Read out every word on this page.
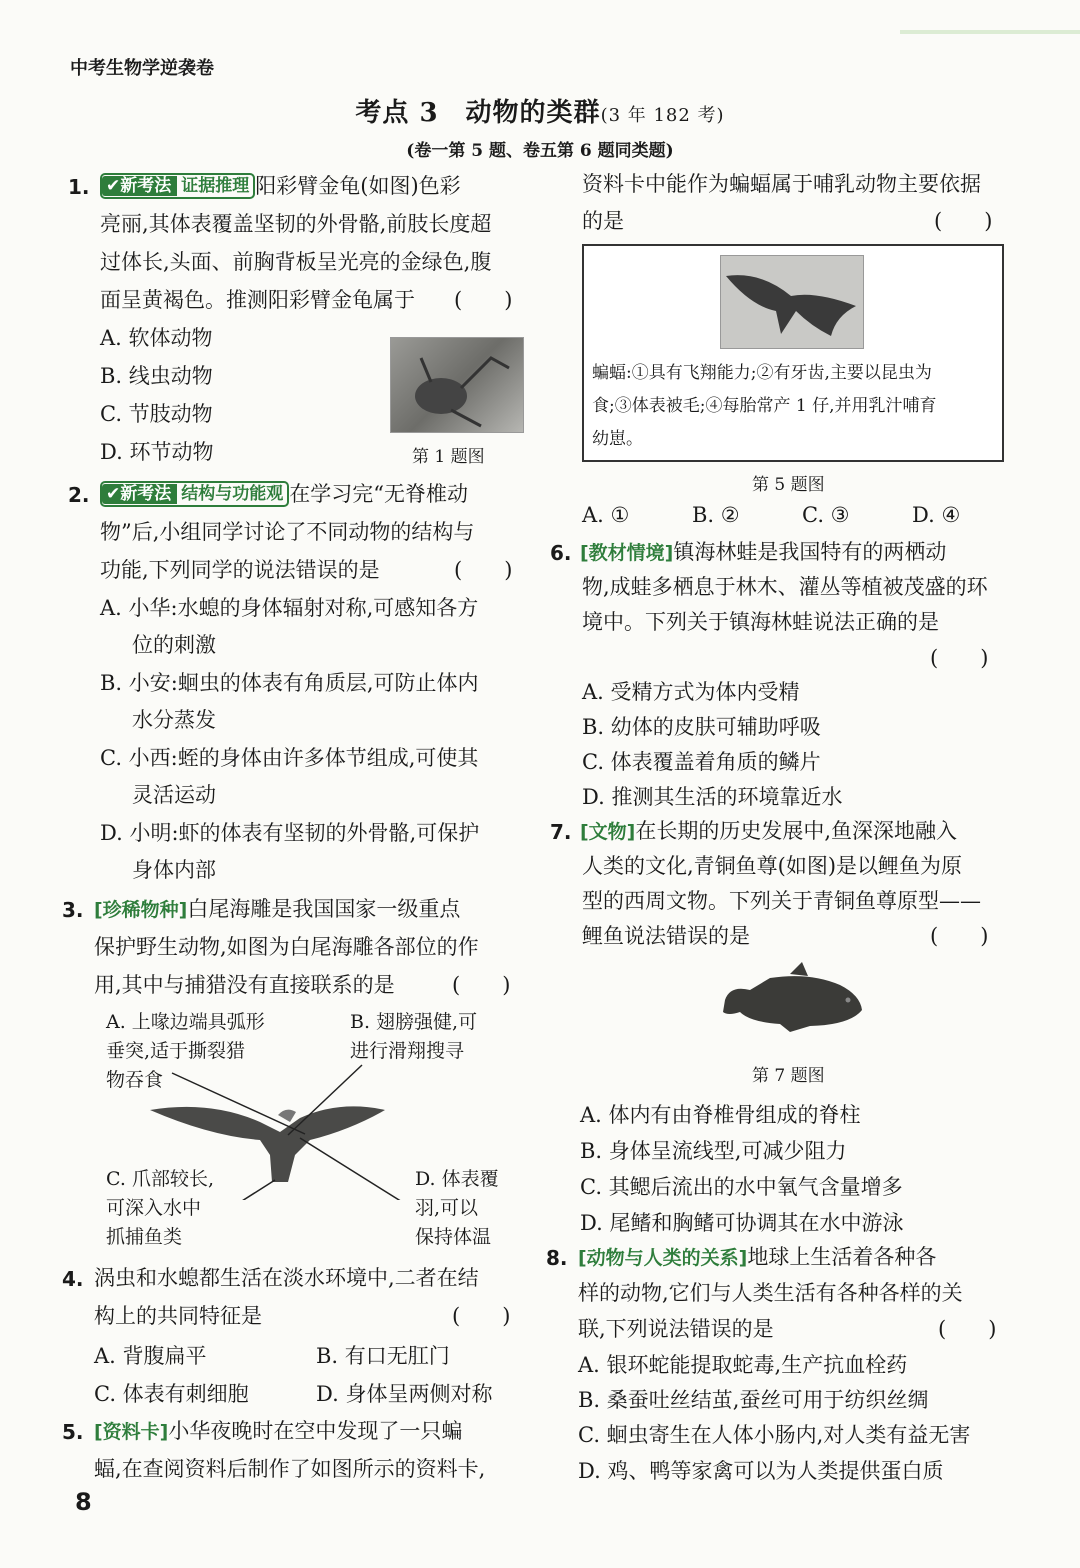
中考生物学逆袭卷
考点 3　动物的类群(3 年 182 考)
(卷一第 5 题、卷五第 6 题同类题)
1. ✔新考法 证据推理 阳彩臂金龟(如图)色彩
亮丽,其体表覆盖坚韧的外骨骼,前肢长度超
过体长,头面、前胸背板呈光亮的金绿色,腹
面呈黄褐色。推测阳彩臂金龟属于 (　　)
A. 软体动物
B. 线虫动物
C. 节肢动物
D. 环节动物	第 1 题图
2. ✔新考法 结构与功能观 在学习完“无脊椎动
物”后,小组同学讨论了不同动物的结构与
功能,下列同学的说法错误的是	(　　)
A. 小华:水螅的身体辐射对称,可感知各方
位的刺激
B. 小安:蛔虫的体表有角质层,可防止体内
水分蒸发
C. 小西:蛭的身体由许多体节组成,可使其
灵活运动
D. 小明:虾的体表有坚韧的外骨骼,可保护
身体内部
3. [珍稀物种]白尾海雕是我国国家一级重点
保护野生动物,如图为白尾海雕各部位的作
用,其中与捕猎没有直接联系的是	(　　)
A. 上喙边端具弧形
垂突,适于撕裂猎
物吞食
B. 翅膀强健,可
进行滑翔搜寻
C. 爪部较长,
可深入水中
抓捕鱼类
D. 体表覆
羽,可以
保持体温
4. 涡虫和水螅都生活在淡水环境中,二者在结
构上的共同特征是	(　　)
A. 背腹扁平	B. 有口无肛门
C. 体表有刺细胞	D. 身体呈两侧对称
5. [资料卡]小华夜晚时在空中发现了一只蝙
蝠,在查阅资料后制作了如图所示的资料卡,
8
资料卡中能作为蝙蝠属于哺乳动物主要依据
的是	(　　)
蝙蝠:①具有飞翔能力;②有牙齿,主要以昆虫为
食;③体表被毛;④每胎常产 1 仔,并用乳汁哺育
幼崽。
第 5 题图
A. ①	B. ②	C. ③	D. ④
6. [教材情境]镇海林蛙是我国特有的两栖动
物,成蛙多栖息于林木、灌丛等植被茂盛的环
境中。下列关于镇海林蛙说法正确的是
(　　)
A. 受精方式为体内受精
B. 幼体的皮肤可辅助呼吸
C. 体表覆盖着角质的鳞片
D. 推测其生活的环境靠近水
7. [文物]在长期的历史发展中,鱼深深地融入
人类的文化,青铜鱼尊(如图)是以鲤鱼为原
型的西周文物。下列关于青铜鱼尊原型——
鲤鱼说法错误的是	(　　)
第 7 题图
A. 体内有由脊椎骨组成的脊柱
B. 身体呈流线型,可减少阻力
C. 其鳃后流出的水中氧气含量增多
D. 尾鳍和胸鳍可协调其在水中游泳
8. [动物与人类的关系]地球上生活着各种各
样的动物,它们与人类生活有各种各样的关
联,下列说法错误的是	(　　)
A. 银环蛇能提取蛇毒,生产抗血栓药
B. 桑蚕吐丝结茧,蚕丝可用于纺织丝绸
C. 蛔虫寄生在人体小肠内,对人类有益无害
D. 鸡、鸭等家禽可以为人类提供蛋白质
